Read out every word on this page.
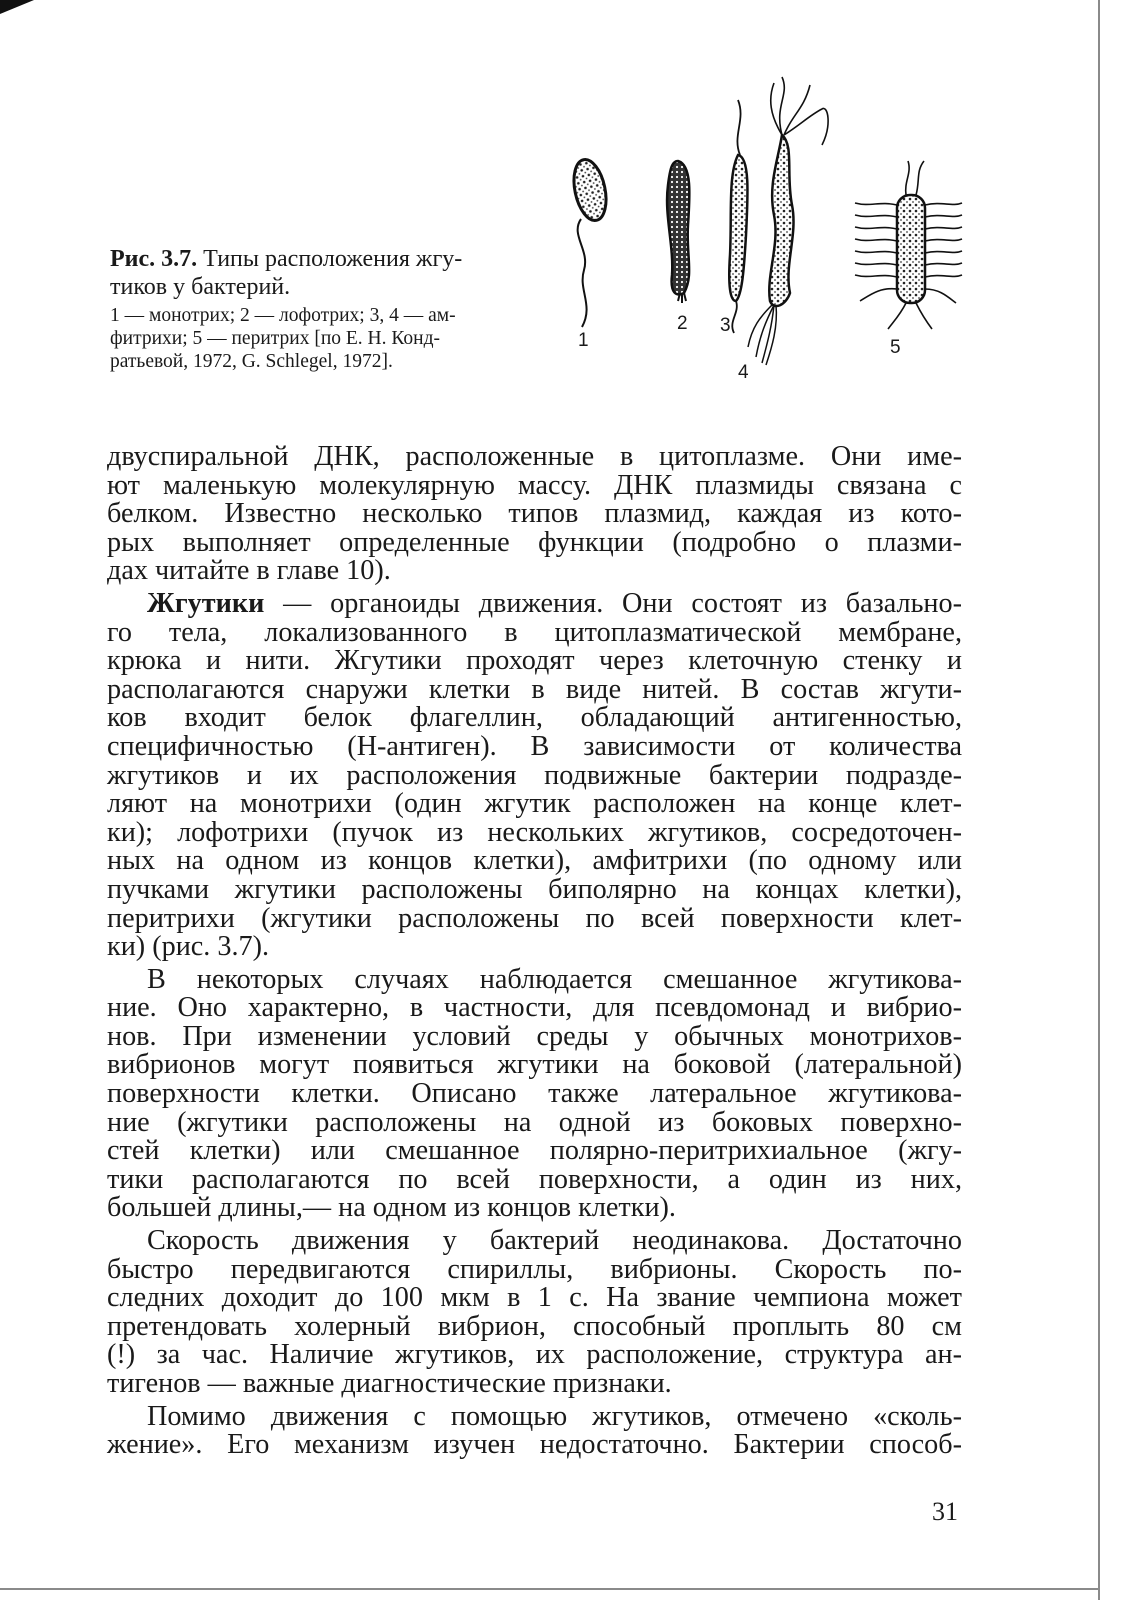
Рис. 3.7. Типы расположения жгу-
тиков у бактерий.

1 — монотрих; 2 — лофотрих; 3, 4 — ам-
фитрихи; 5 — перитрих [по Е. Н. Конд-
ратьевой, 1972, G. Schlegel, 1972].

1
2 3
4
5
двуспиральной ДНК, расположенные в цитоплазме. Они име-
ют маленькую молекулярную массу. ДНК плазмиды связана с
белком. Известно несколько типов плазмид, каждая из кото-
рых выполняет определенные функции (подробно о плазми-
дах читайте в главе 10).
Жгутики — органоиды движения. Они состоят из базально-
го тела, локализованного в цитоплазматической мембране,
крюка и нити. Жгутики проходят через клеточную стенку и
располагаются снаружи клетки в виде нитей. В состав жгути-
ков входит белок флагеллин, обладающий антигенностью,
специфичностью (Н-антиген). В зависимости от количества
жгутиков и их расположения подвижные бактерии подразде-
ляют на монотрихи (один жгутик расположен на конце клет-
ки); лофотрихи (пучок из нескольких жгутиков, сосредоточен-
ных на одном из концов клетки), амфитрихи (по одному или
пучками жгутики расположены биполярно на концах клетки),
перитрихи (жгутики расположены по всей поверхности клет-
ки) (рис. 3.7).
В некоторых случаях наблюдается смешанное жгутикова-
ние. Оно характерно, в частности, для псевдомонад и вибрио-
нов. При изменении условий среды у обычных монотрихов-
вибрионов могут появиться жгутики на боковой (латеральной)
поверхности клетки. Описано также латеральное жгутикова-
ние (жгутики расположены на одной из боковых поверхно-
стей клетки) или смешанное полярно-перитрихиальное (жгу-
тики располагаются по всей поверхности, а один из них,
большей длины,— на одном из концов клетки).
Скорость движения у бактерий неодинакова. Достаточно
быстро передвигаются спириллы, вибрионы. Скорость по-
следних доходит до 100 мкм в 1 с. На звание чемпиона может
претендовать холерный вибрион, способный проплыть 80 см
(!) за час. Наличие жгутиков, их расположение, структура ан-
тигенов — важные диагностические признаки.
Помимо движения с помощью жгутиков, отмечено «сколь-
жение». Его механизм изучен недостаточно. Бактерии способ-
31
